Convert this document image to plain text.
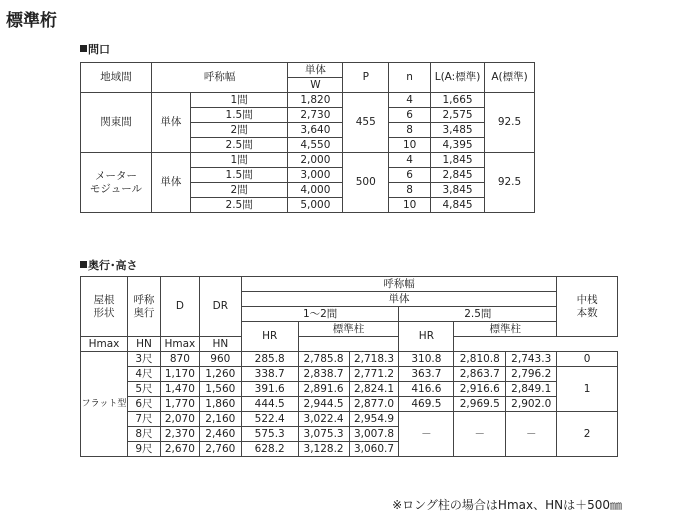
標準桁
問口
地域間	呼称幅		単体	P	n	L(A:標準)	A(標準)
			W				
関東間	単体	1間	1,820	455	4	1,665	92.5
		1.5間	2,730		6	2,575	
		2間	3,640		8	3,485	
		2.5間	4,550		10	4,395	
メーター
モジュール	単体	1間	2,000	500	4	1,845	92.5
		1.5間	3,000		6	2,845	
		2間	4,000		8	3,845	
		2.5間	5,000		10	4,845	
奥行･高さ
屋根
形状	呼称
奥行	D	DR	呼称幅						中桟
本数
				単体						
				1～2間			2.5間			
				HR	標準柱		HR	標準柱		
Hmax	HN	Hmax	HN							
フラット型	3尺	870	960	285.8	2,785.8	2,718.3	310.8	2,810.8	2,743.3	0
	4尺	1,170	1,260	338.7	2,838.7	2,771.2	363.7	2,863.7	2,796.2	1
	5尺	1,470	1,560	391.6	2,891.6	2,824.1	416.6	2,916.6	2,849.1	
	6尺	1,770	1,860	444.5	2,944.5	2,877.0	469.5	2,969.5	2,902.0	
	7尺	2,070	2,160	522.4	3,022.4	2,954.9	－	－	－	2
	8尺	2,370	2,460	575.3	3,075.3	3,007.8				
	9尺	2,670	2,760	628.2	3,128.2	3,060.7				
※ロング柱の場合はHmax、HNは＋500㎜
